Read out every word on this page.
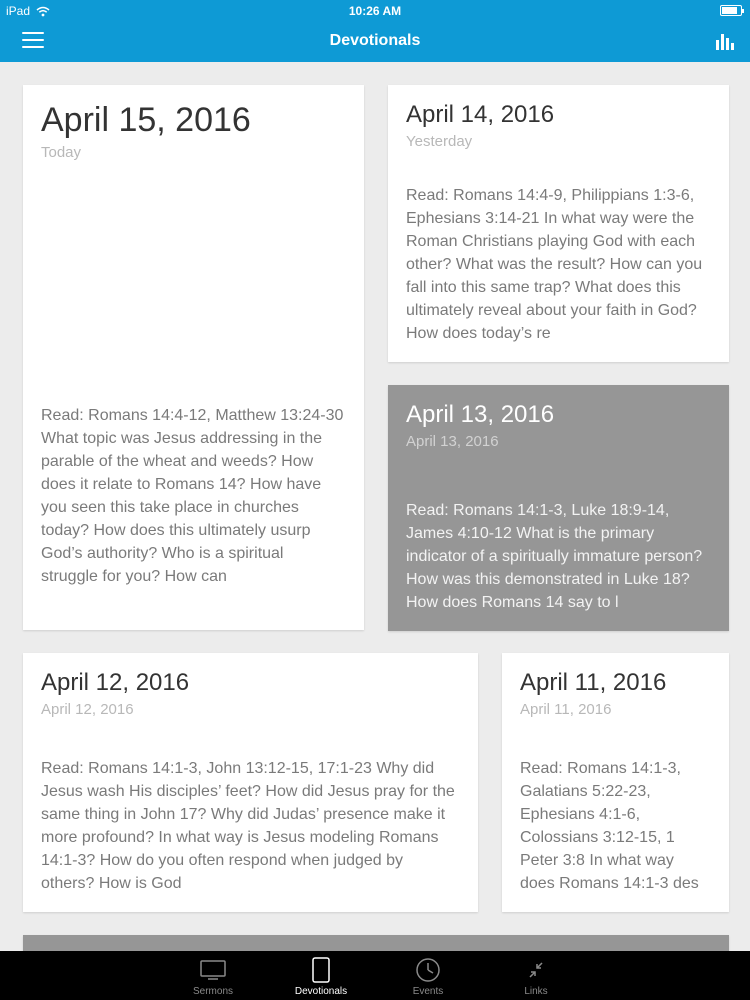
iPad	10:26 AM
Devotionals
April 15, 2016
Today
Read: Romans 14:4-12, Matthew 13:24-30 What topic was Jesus addressing in the parable of the wheat and weeds? How does it relate to Romans 14? How have you seen this take place in churches today? How does this ultimately usurp God’s authority? Who is a spiritual struggle for you? How can
April 14, 2016
Yesterday
Read: Romans 14:4-9, Philippians 1:3-6, Ephesians 3:14-21 In what way were the Roman Christians playing God with each other? What was the result? How can you fall into this same trap? What does this ultimately reveal about your faith in God? How does today’s re
April 13, 2016
April 13, 2016
Read: Romans 14:1-3, Luke 18:9-14, James 4:10-12 What is the primary indicator of a spiritually immature person? How was this demonstrated in Luke 18? How does Romans 14 say to l
April 12, 2016
April 12, 2016
Read: Romans 14:1-3, John 13:12-15, 17:1-23 Why did Jesus wash His disciples’ feet? How did Jesus pray for the same thing in John 17? Why did Judas’ presence make it more profound? In what way is Jesus modeling Romans 14:1-3? How do you often respond when judged by others? How is God
April 11, 2016
April 11, 2016
Read: Romans 14:1-3, Galatians 5:22-23, Ephesians 4:1-6, Colossians 3:12-15, 1 Peter 3:8 In what way does Romans 14:1-3 des
Sermons	Devotionals	Events	Links
